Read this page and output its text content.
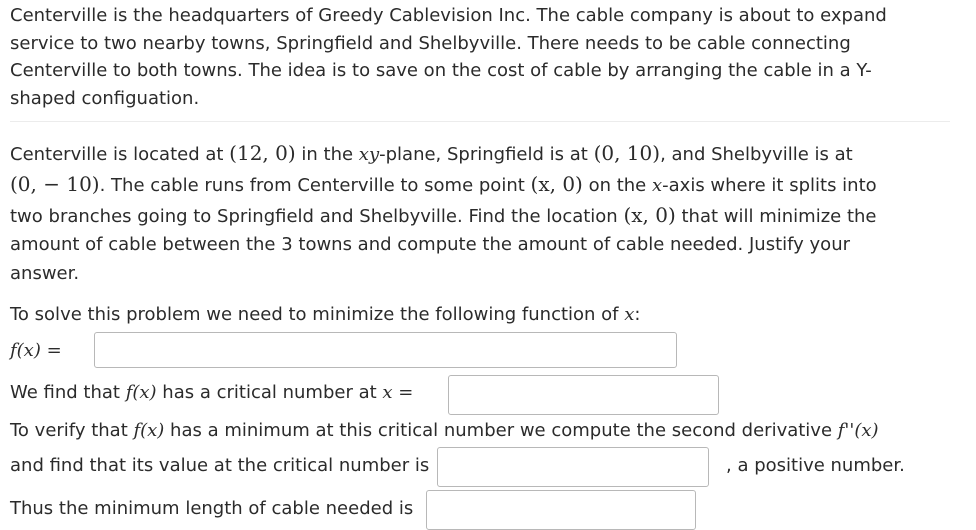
Centerville is the headquarters of Greedy Cablevision Inc. The cable company is about to expand
service to two nearby towns, Springfield and Shelbyville. There needs to be cable connecting
Centerville to both towns. The idea is to save on the cost of cable by arranging the cable in a Y-
shaped configuation.
Centerville is located at (12, 0) in the xy-plane, Springfield is at (0, 10), and Shelbyville is at
(0, − 10). The cable runs from Centerville to some point (x, 0) on the x-axis where it splits into
two branches going to Springfield and Shelbyville. Find the location (x, 0) that will minimize the
amount of cable between the 3 towns and compute the amount of cable needed. Justify your
answer.
To solve this problem we need to minimize the following function of x:
f(x) =
We find that f(x) has a critical number at x =
To verify that f(x) has a minimum at this critical number we compute the second derivative f''(x)
and find that its value at the critical number is	, a positive number.
Thus the minimum length of cable needed is
